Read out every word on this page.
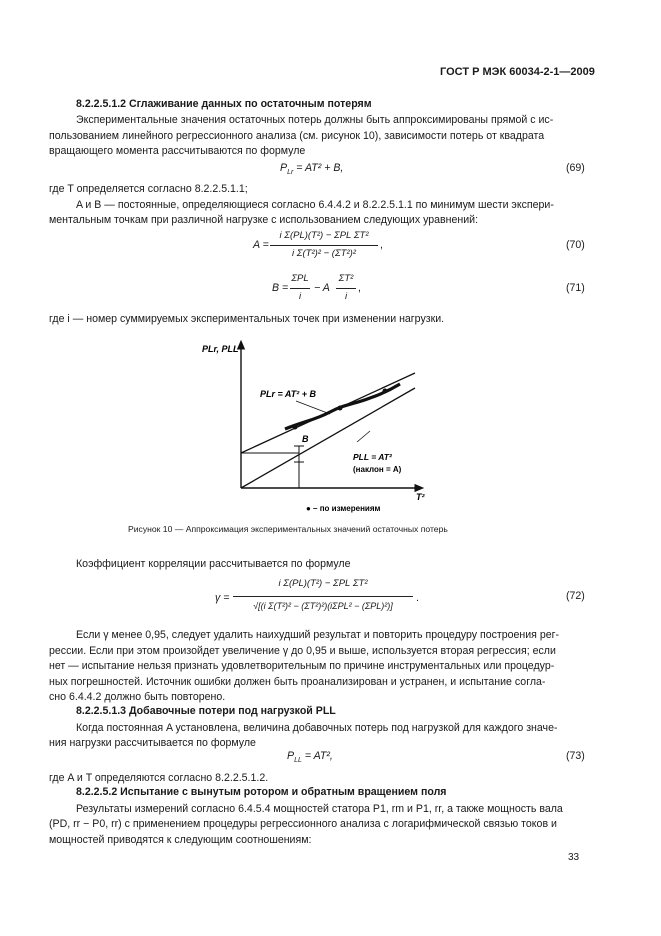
ГОСТ Р МЭК 60034-2-1—2009

8.2.2.5.1.2 Сглаживание данных по остаточным потерям

Экспериментальные значения остаточных потерь должны быть аппроксимированы прямой с ис-

пользованием линейного регрессионного анализа (см. рисунок 10), зависимости потерь от квадрата

вращающего момента рассчитываются по формуле

$P_{Lr} = AT^2 + B$,	(69)

где T определяется согласно 8.2.2.5.1.1;

A и B — постоянные, определяющиеся согласно 6.4.4.2 и 8.2.2.5.1.1 по минимум шести экспери-

ментальным точкам при различной нагрузке с использованием следующих уравнений:

A =
i Σ(PL)(T²) − ΣPL ΣT²
i Σ(T²)² − (ΣT²)²
,	(70)

B =
ΣPL
i
− A
ΣT²
i
,	(71)

где i — номер суммируемых экспериментальных точек при изменении нагрузки.

PLr, PLL
T²
PLr = AT² + B
PLL = AT²
(наклон = A)
B
● – по измерениям

Рисунок 10 — Аппроксимация экспериментальных значений остаточных потерь

Коэффициент корреляции рассчитывается по формуле

γ =
i Σ(PL)(T²) − ΣPL ΣT²
√[(i Σ(T²)² − (ΣT²)²)(iΣPL² − (ΣPL)²)]
.	(72)

Если γ менее 0,95, следует удалить наихудший результат и повторить процедуру построения рег-

рессии. Если при этом произойдет увеличение γ до 0,95 и выше, используется вторая регрессия; если

нет — испытание нельзя признать удовлетворительным по причине инструментальных или процедур-

ных погрешностей. Источник ошибки должен быть проанализирован и устранен, и испытание согла-

сно 6.4.4.2 должно быть повторено.

8.2.2.5.1.3 Добавочные потери под нагрузкой PLL

Когда постоянная A установлена, величина добавочных потерь под нагрузкой для каждого значе-

ния нагрузки рассчитывается по формуле

$P_{LL} = AT^2$,	(73)

где A и T определяются согласно 8.2.2.5.1.2.

8.2.2.5.2 Испытание с вынутым ротором и обратным вращением поля

Результаты измерений согласно 6.4.5.4 мощностей статора P1, rm и P1, rr, а также мощность вала

(PD, rr − P0, rr) с применением процедуры регрессионного анализа с логарифмической связью токов и

мощностей приводятся к следующим соотношениям:

33
